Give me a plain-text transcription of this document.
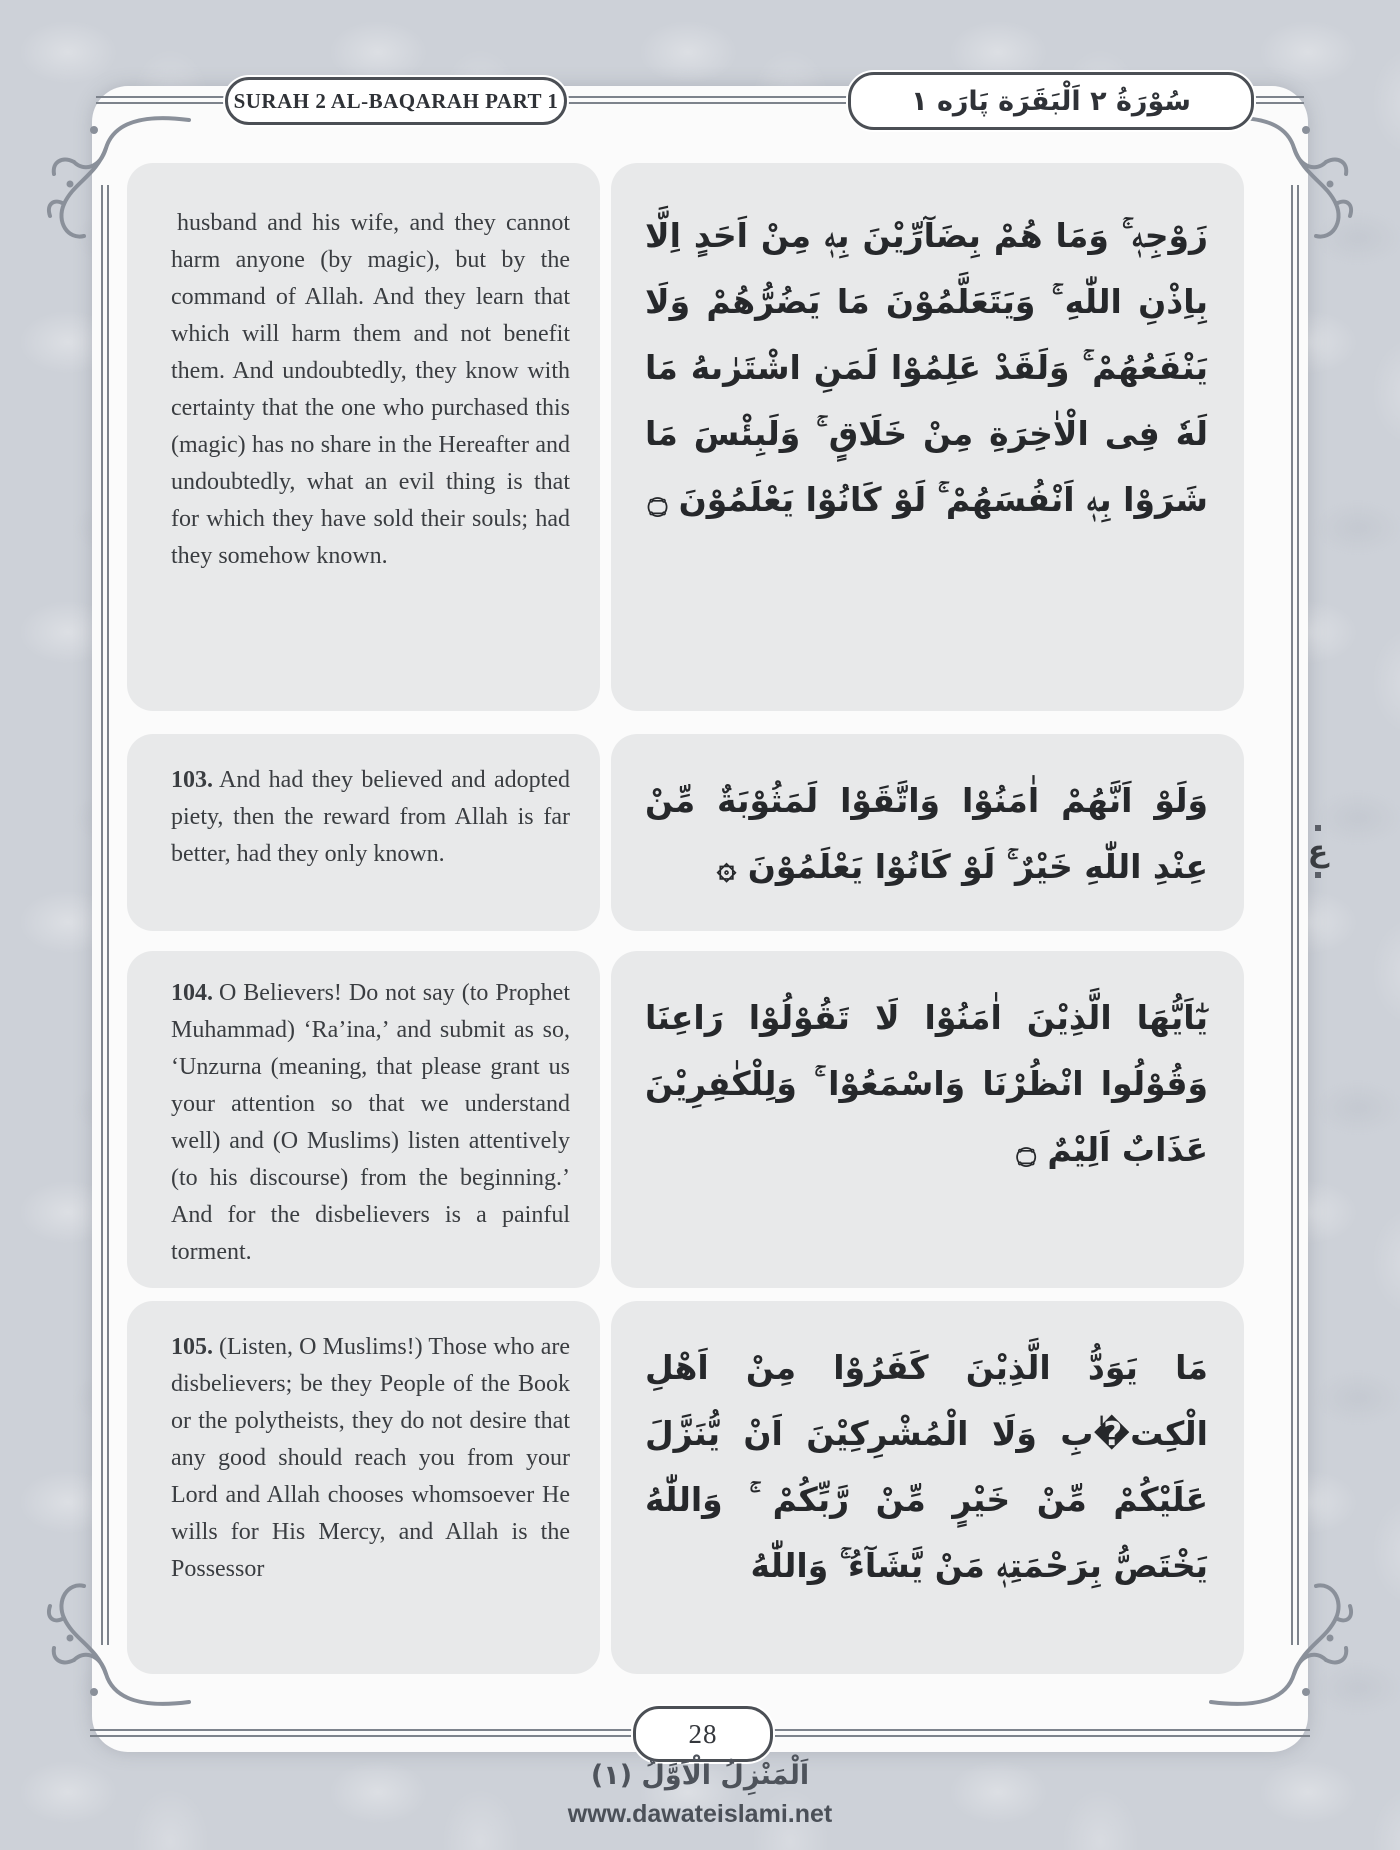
SURAH 2 AL-BAQARAH PART 1	سُوْرَةُ ٢ اَلْبَقَرَة پَارَه ١
husband and his wife, and they cannot harm anyone (by magic), but by the command of Allah. And they learn that which will harm them and not benefit them. And undoubtedly, they know with certainty that the one who purchased this (magic) has no share in the Hereafter and undoubtedly, what an evil thing is that for which they have sold their souls; had they somehow known.
زَوْجِهٖ ۚ وَمَا هُمْ بِضَآرِّيْنَ بِهٖ مِنْ اَحَدٍ اِلَّا بِاِذْنِ اللّٰهِ ۚ وَيَتَعَلَّمُوْنَ مَا يَضُرُّهُمْ وَلَا يَنْفَعُهُمْ ۚ وَلَقَدْ عَلِمُوْا لَمَنِ اشْتَرٰىهُ مَا لَهٗ فِى الْاٰخِرَةِ مِنْ خَلَاقٍ ۚ وَلَبِئْسَ مَا شَرَوْا بِهٖ اَنْفُسَهُمْ ۚ لَوْ كَانُوْا يَعْلَمُوْنَ ۝
103. And had they believed and adopted piety, then the reward from Allah is far better, had they only known.
وَلَوْ اَنَّهُمْ اٰمَنُوْا وَاتَّقَوْا لَمَثُوْبَةٌ مِّنْ عِنْدِ اللّٰهِ خَيْرٌ ۚ لَوْ كَانُوْا يَعْلَمُوْنَ ۞
104. O Believers! Do not say (to Prophet Muhammad) ‘Ra’ina,’ and submit as so, ‘Unzurna (meaning, that please grant us your attention so that we understand well) and (O Muslims) listen attentively (to his discourse) from the beginning.’ And for the disbelievers is a painful torment.
يٰٓاَيُّهَا الَّذِيْنَ اٰمَنُوْا لَا تَقُوْلُوْا رَاعِنَا وَقُوْلُوا انْظُرْنَا وَاسْمَعُوْا ۚ وَلِلْكٰفِرِيْنَ عَذَابٌ اَلِيْمٌ ۝
105. (Listen, O Muslims!) Those who are disbelievers; be they People of the Book or the polytheists, they do not desire that any good should reach you from your Lord and Allah chooses whomsoever He wills for His Mercy, and Allah is the Possessor
مَا يَوَدُّ الَّذِيْنَ كَفَرُوْا مِنْ اَهْلِ الْكِت�ٰبِ وَلَا الْمُشْرِكِيْنَ اَنْ يُّنَزَّلَ عَلَيْكُمْ مِّنْ خَيْرٍ مِّنْ رَّبِّكُمْ ۚ وَاللّٰهُ يَخْتَصُّ بِرَحْمَتِهٖ مَنْ يَّشَآءُ ۚ وَاللّٰهُ
ع
28
اَلْمَنْزِلُ الْاَوَّلُ (١)
www.dawateislami.net
